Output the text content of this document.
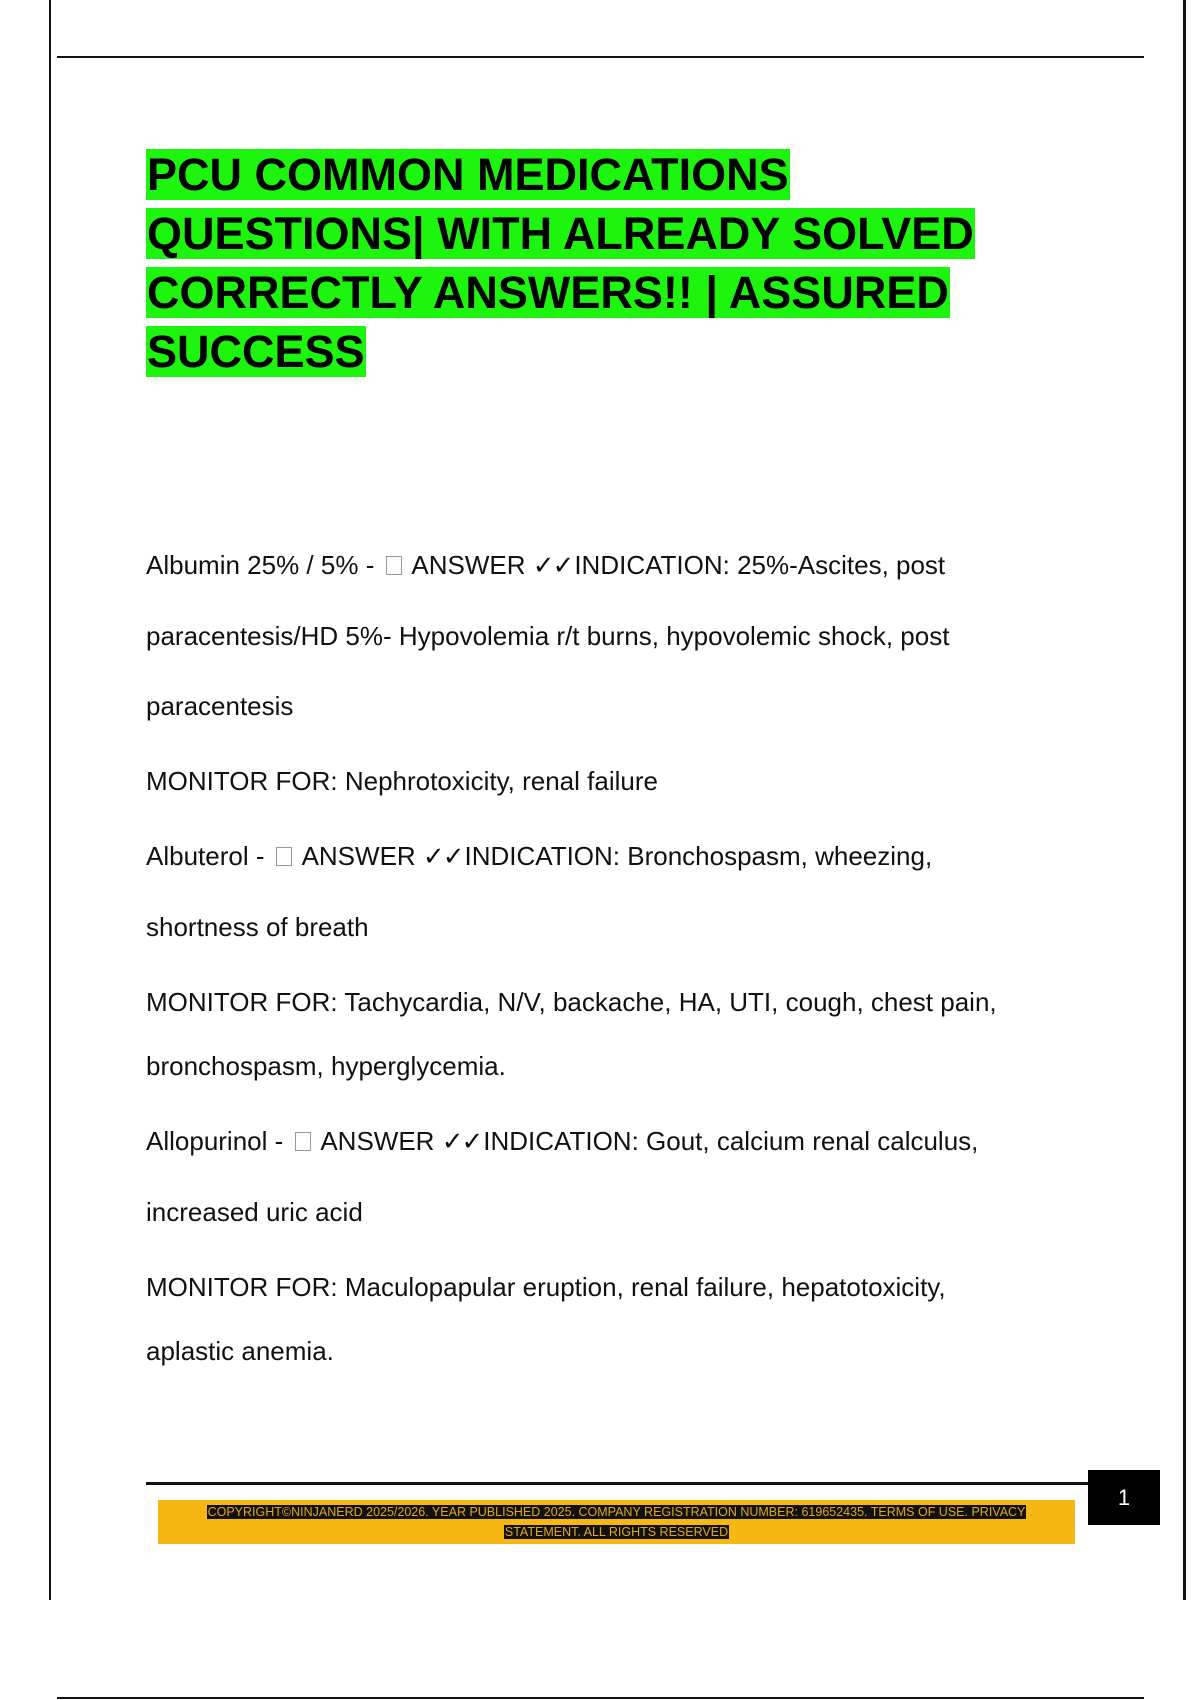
PCU COMMON MEDICATIONS
QUESTIONS| WITH ALREADY SOLVED
CORRECTLY ANSWERS!! | ASSURED
SUCCESS

Albumin 25% / 5% - ANSWER ✓✓INDICATION: 25%-Ascites, post
paracentesis/HD 5%- Hypovolemia r/t burns, hypovolemic shock, post
paracentesis

MONITOR FOR: Nephrotoxicity, renal failure

Albuterol - ANSWER ✓✓INDICATION: Bronchospasm, wheezing,
shortness of breath

MONITOR FOR: Tachycardia, N/V, backache, HA, UTI, cough, chest pain,
bronchospasm, hyperglycemia.

Allopurinol - ANSWER ✓✓INDICATION: Gout, calcium renal calculus,
increased uric acid

MONITOR FOR: Maculopapular eruption, renal failure, hepatotoxicity,
aplastic anemia.

1
COPYRIGHT©NINJANERD 2025/2026. YEAR PUBLISHED 2025. COMPANY REGISTRATION NUMBER: 619652435. TERMS OF USE. PRIVACY
STATEMENT. ALL RIGHTS RESERVED
